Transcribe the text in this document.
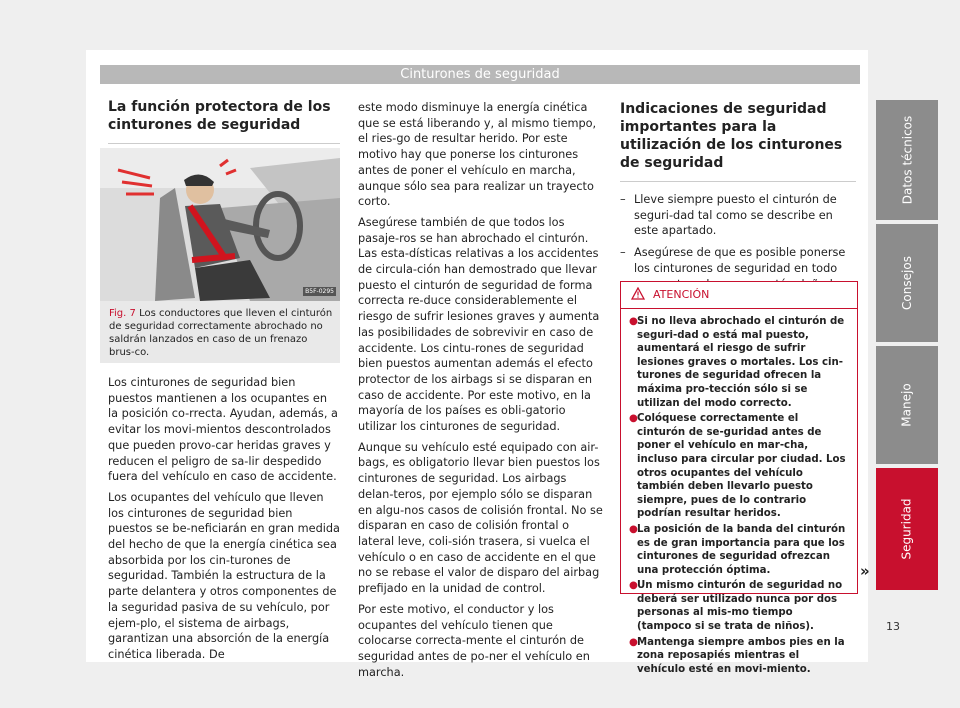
Cinturones de seguridad
La función protectora de los cinturones de seguridad
B5F-0295
Fig. 7 Los conductores que lleven el cinturón de seguridad correctamente abrochado no saldrán lanzados en caso de un frenazo brus-co.

Los cinturones de seguridad bien puestos mantienen a los ocupantes en la posición co-rrecta. Ayudan, además, a evitar los movi-mientos descontrolados que pueden provo-car heridas graves y reducen el peligro de sa-lir despedido fuera del vehículo en caso de accidente.

Los ocupantes del vehículo que lleven los cinturones de seguridad bien puestos se be-neficiarán en gran medida del hecho de que la energía cinética sea absorbida por los cin-turones de seguridad. También la estructura de la parte delantera y otros componentes de la seguridad pasiva de su vehículo, por ejem-plo, el sistema de airbags, garantizan una absorción de la energía cinética liberada. De

este modo disminuye la energía cinética que se está liberando y, al mismo tiempo, el ries-go de resultar herido. Por este motivo hay que ponerse los cinturones antes de poner el vehículo en marcha, aunque sólo sea para realizar un trayecto corto.

Asegúrese también de que todos los pasaje-ros se han abrochado el cinturón. Las esta-dísticas relativas a los accidentes de circula-ción han demostrado que llevar puesto el cinturón de seguridad de forma correcta re-duce considerablemente el riesgo de sufrir lesiones graves y aumenta las posibilidades de sobrevivir en caso de accidente. Los cintu-rones de seguridad bien puestos aumentan además el efecto protector de los airbags si se disparan en caso de accidente. Por este motivo, en la mayoría de los países es obli-gatorio utilizar los cinturones de seguridad.

Aunque su vehículo esté equipado con air-bags, es obligatorio llevar bien puestos los cinturones de seguridad. Los airbags delan-teros, por ejemplo sólo se disparan en algu-nos casos de colisión frontal. No se disparan en caso de colisión frontal o lateral leve, coli-sión trasera, si vuelca el vehículo o en caso de accidente en el que no se rebase el valor de disparo del airbag prefijado en la unidad de control.

Por este motivo, el conductor y los ocupantes del vehículo tienen que colocarse correcta-mente el cinturón de seguridad antes de po-ner el vehículo en marcha.

Indicaciones de seguridad importantes para la utilización de los cinturones de seguridad
– Lleve siempre puesto el cinturón de seguri-dad tal como se describe en este apartado.
– Asegúrese de que es posible ponerse los cinturones de seguridad en todo
ATENCIÓN
● Si no lleva abrochado el cinturón de seguri-dad o está mal puesto, aumentará el riesgo de sufrir lesiones graves o mortales. Los cin-turones de seguridad ofrecen la máxima pro-tección sólo si se utilizan del modo correcto.
● Colóquese correctamente el cinturón de se-guridad antes de poner el vehículo en mar-cha, incluso para circular por ciudad. Los otros ocupantes del vehículo también deben llevarlo puesto siempre, pues de lo contrario podrían resultar heridos.
● La posición de la banda del cinturón es de gran importancia para que los cinturones de seguridad ofrezcan una protección óptima.
● Un mismo cinturón de seguridad no deberá ser utilizado nunca por dos personas al mis-mo tiempo (tampoco si se trata de niños).
● Mantenga siempre ambos pies en la zona reposapiés mientras el vehículo esté en movi-miento.
»
Datos técnicos
Consejos
Manejo
Seguridad
13
